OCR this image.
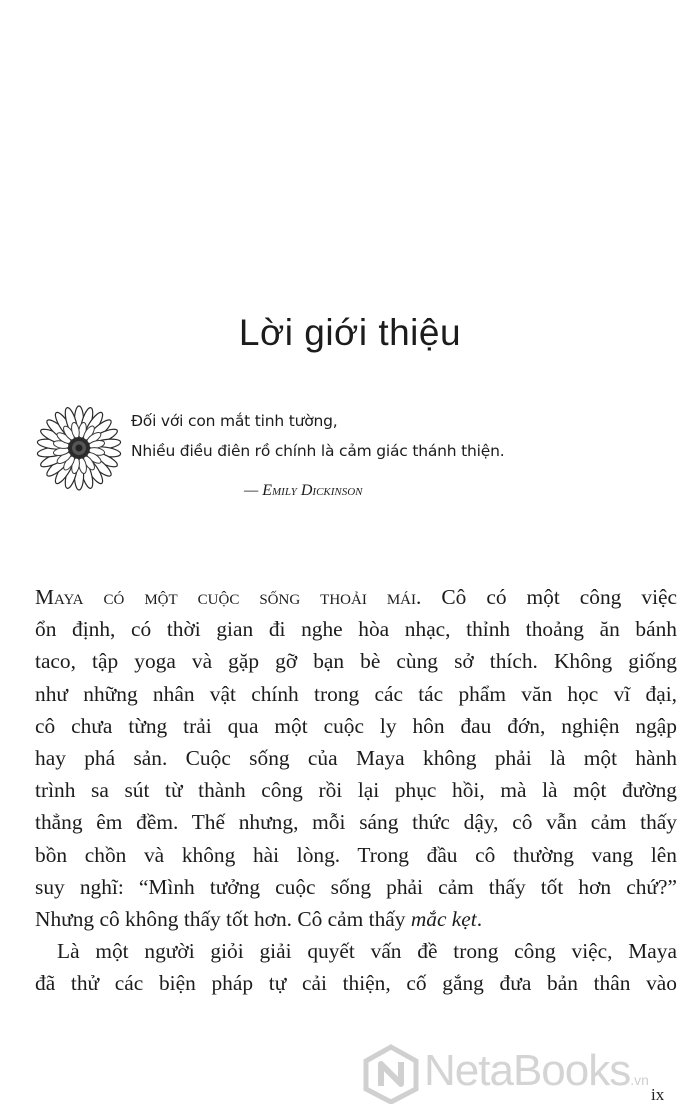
Lời giới thiệu
Đối với con mắt tinh tường,
Nhiều điều điên rồ chính là cảm giác thánh thiện.
— Emily Dickinson
Maya có một cuộc sống thoải mái. Cô có một công việc
ổn định, có thời gian đi nghe hòa nhạc, thỉnh thoảng ăn bánh
taco, tập yoga và gặp gỡ bạn bè cùng sở thích. Không giống
như những nhân vật chính trong các tác phẩm văn học vĩ đại,
cô chưa từng trải qua một cuộc ly hôn đau đớn, nghiện ngập
hay phá sản. Cuộc sống của Maya không phải là một hành
trình sa sút từ thành công rồi lại phục hồi, mà là một đường
thẳng êm đềm. Thế nhưng, mỗi sáng thức dậy, cô vẫn cảm thấy
bồn chồn và không hài lòng. Trong đầu cô thường vang lên
suy nghĩ: “Mình tưởng cuộc sống phải cảm thấy tốt hơn chứ?”
Nhưng cô không thấy tốt hơn. Cô cảm thấy mắc kẹt.
Là một người giỏi giải quyết vấn đề trong công việc, Maya
đã thử các biện pháp tự cải thiện, cố gắng đưa bản thân vào
NetaBooks.vn
ix
